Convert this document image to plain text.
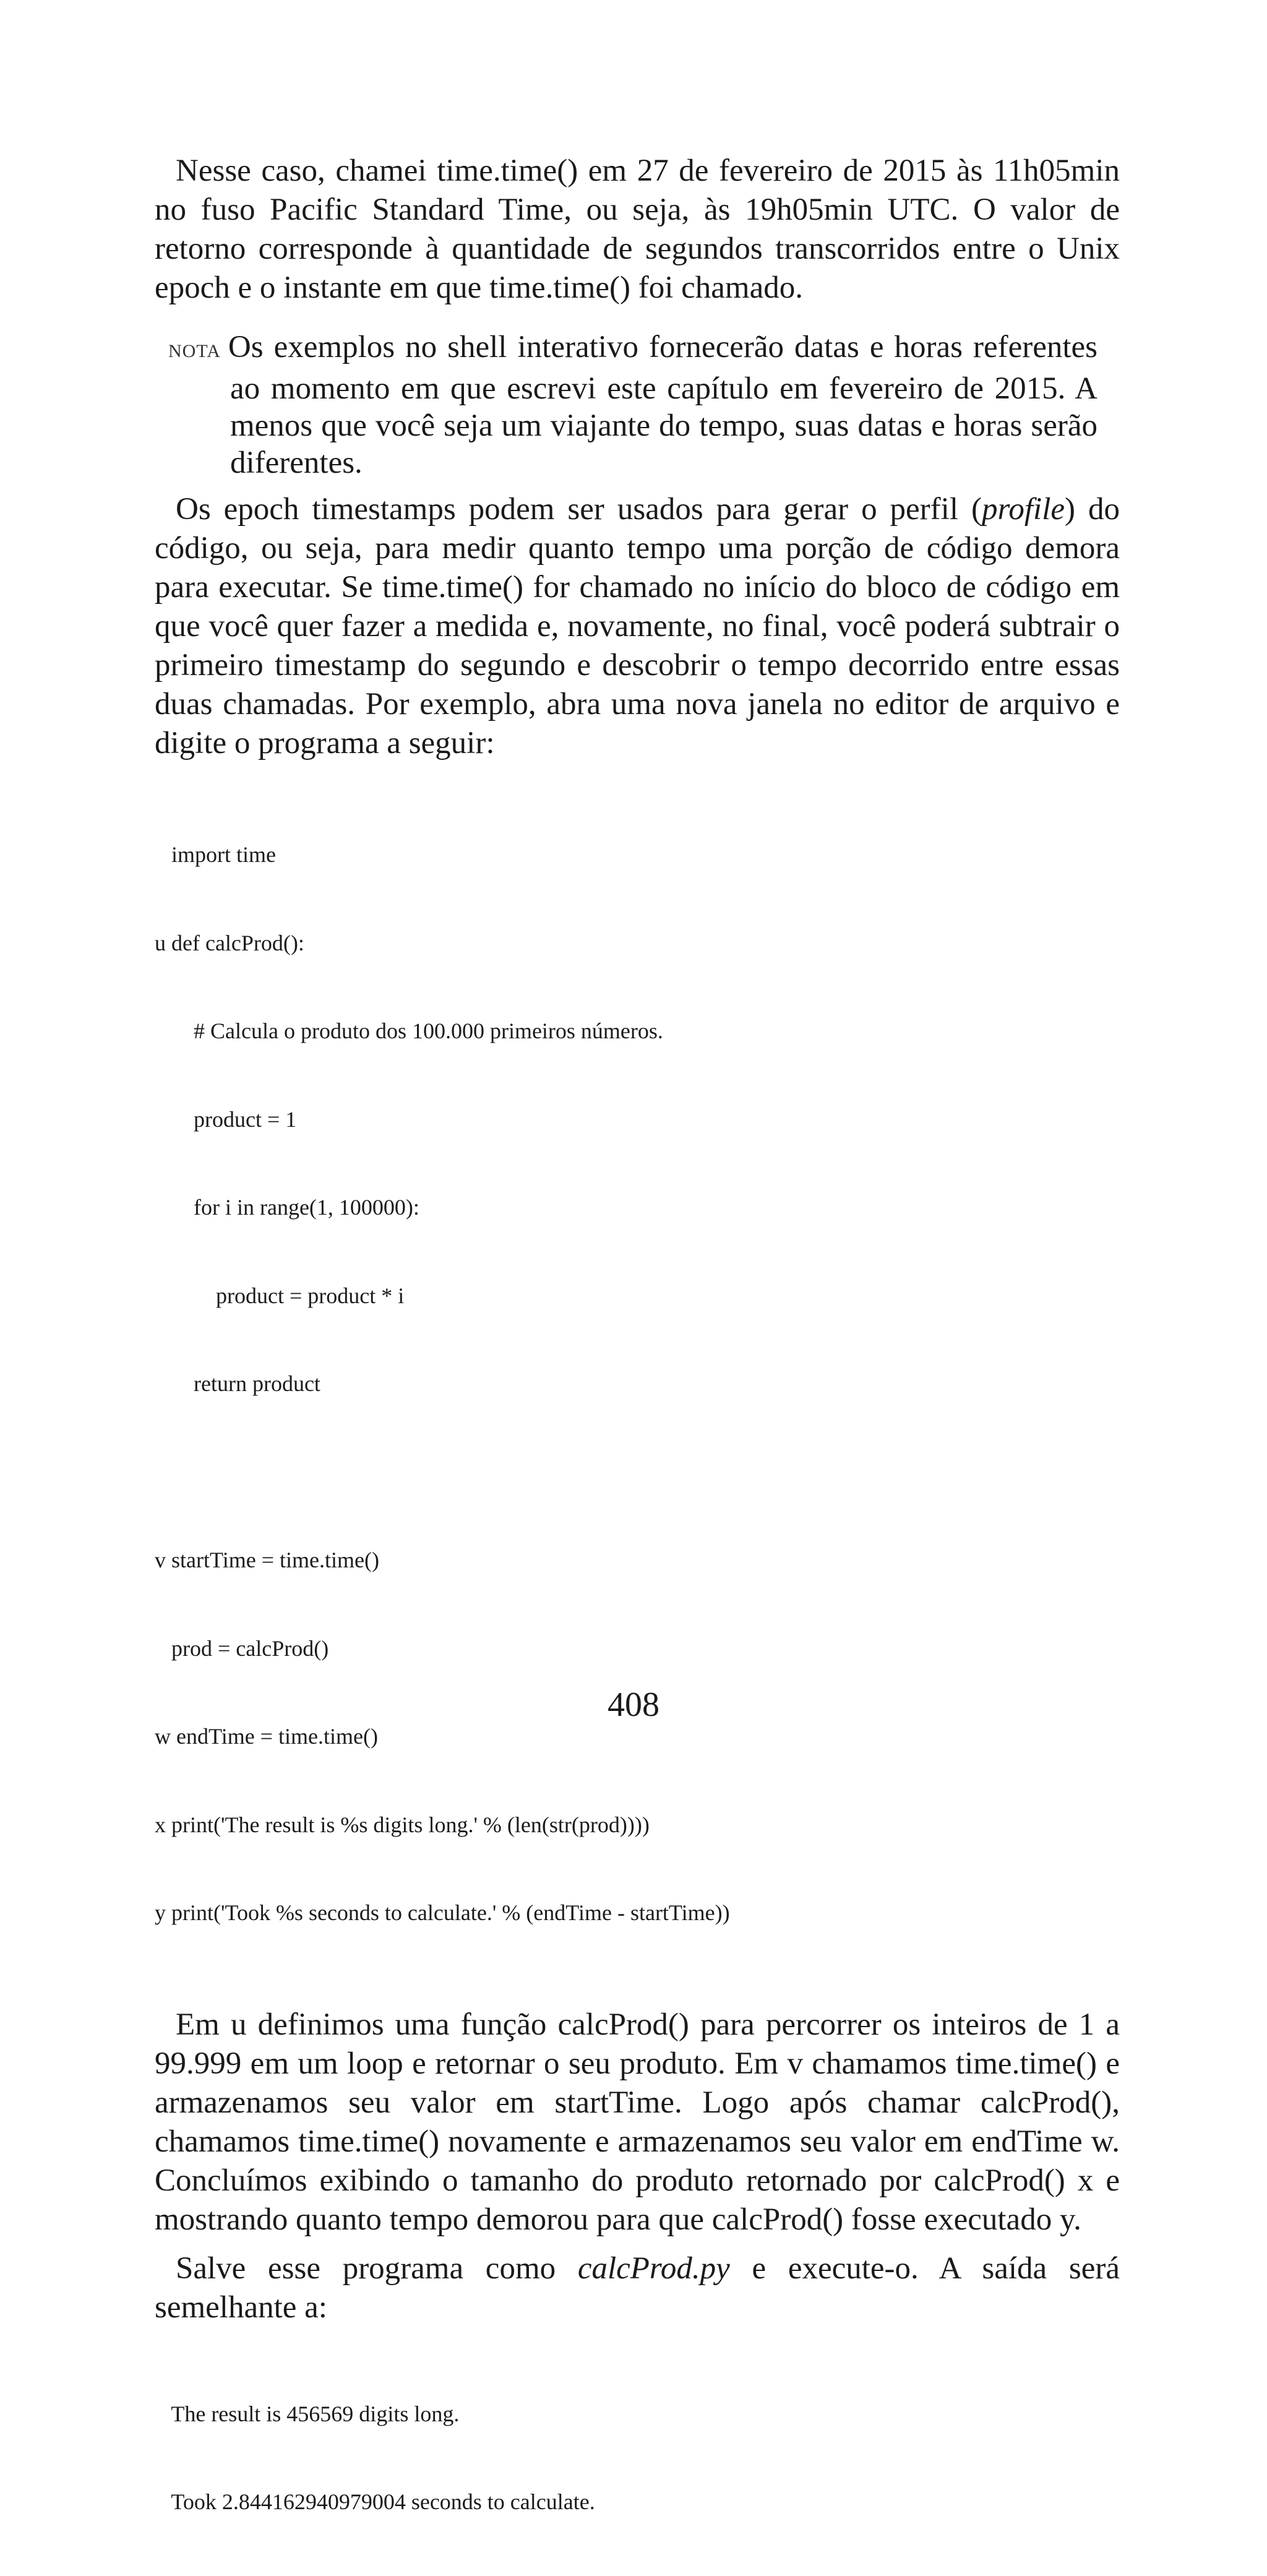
Nesse caso, chamei time.time() em 27 de fevereiro de 2015 às 11h05min no fuso Pacific Standard Time, ou seja, às 19h05min UTC. O valor de retorno corresponde à quantidade de segundos transcorridos entre o Unix epoch e o instante em que time.time() foi chamado.

NOTA Os exemplos no shell interativo fornecerão datas e horas referentes ao momento em que escrevi este capítulo em fevereiro de 2015. A menos que você seja um viajante do tempo, suas datas e horas serão diferentes.

Os epoch timestamps podem ser usados para gerar o perfil (profile) do código, ou seja, para medir quanto tempo uma porção de código demora para executar. Se time.time() for chamado no início do bloco de código em que você quer fazer a medida e, novamente, no final, você poderá subtrair o primeiro timestamp do segundo e descobrir o tempo decorrido entre essas duas chamadas. Por exemplo, abra uma nova janela no editor de arquivo e digite o programa a seguir:

import time

u def calcProd():

# Calcula o produto dos 100.000 primeiros números.

product = 1

for i in range(1, 100000):

product = product * i

return product

v startTime = time.time()

prod = calcProd()

w endTime = time.time()

x print('The result is %s digits long.' % (len(str(prod))))

y print('Took %s seconds to calculate.' % (endTime - startTime))

Em u definimos uma função calcProd() para percorrer os inteiros de 1 a 99.999 em um loop e retornar o seu produto. Em v chamamos time.time() e armazenamos seu valor em startTime. Logo após chamar calcProd(), chamamos time.time() novamente e armazenamos seu valor em endTime w. Concluímos exibindo o tamanho do produto retornado por calcProd() x e mostrando quanto tempo demorou para que calcProd() fosse executado y.

Salve esse programa como calcProd.py e execute-o. A saída será semelhante a:

The result is 456569 digits long.

Took 2.844162940979004 seconds to calculate.

408
